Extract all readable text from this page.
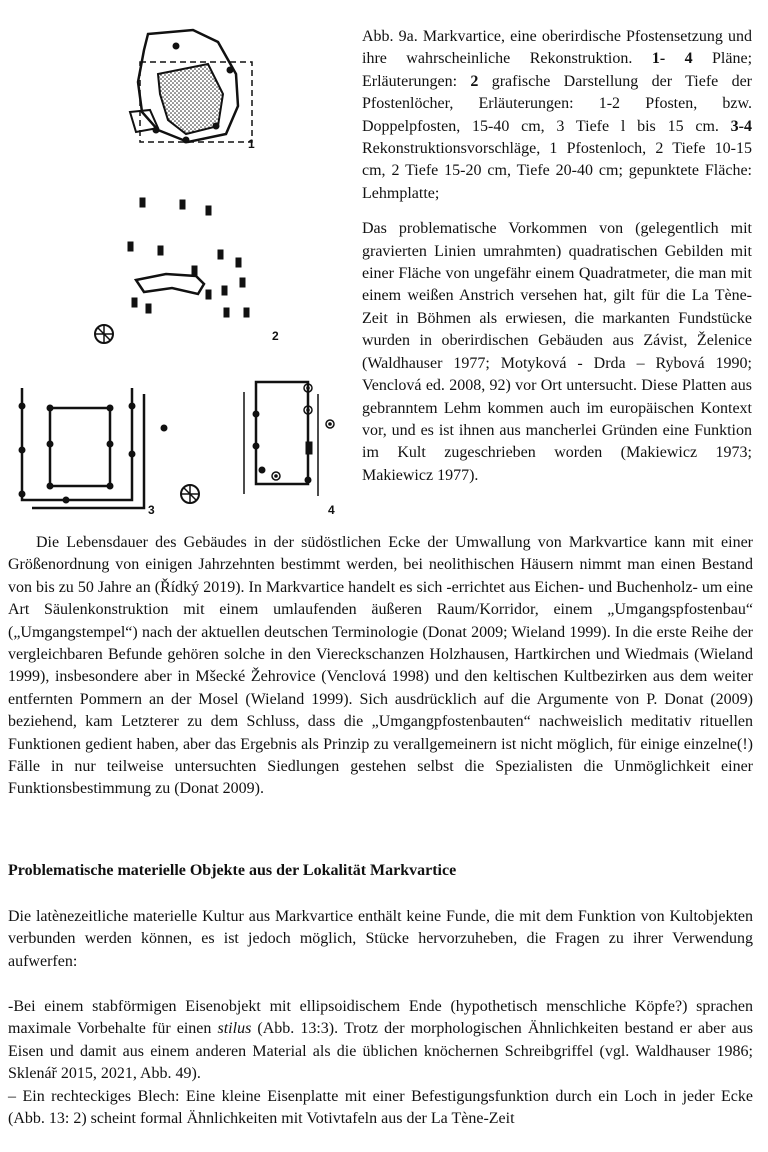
1
2
3	4

Abb. 9a. Markvartice, eine oberirdische Pfostensetzung und ihre wahrscheinliche Rekonstruktion. 1- 4 Pläne; Erläuterungen: 2 grafische Darstellung der Tiefe der Pfostenlöcher, Erläuterungen: 1-2 Pfosten, bzw. Doppelpfosten, 15-40 cm, 3 Tiefe l bis 15 cm. 3-4 Rekonstruktionsvorschläge, 1 Pfostenloch, 2 Tiefe 10-15 cm, 2 Tiefe 15-20 cm, Tiefe 20-40 cm; gepunktete Fläche: Lehmplatte;

Das problematische Vorkommen von (gelegentlich mit gravierten Linien umrahmten) quadratischen Gebilden mit einer Fläche von ungefähr einem Quadratmeter, die man mit einem weißen Anstrich versehen hat, gilt für die La Tène-Zeit in Böhmen als erwiesen, die markanten Fundstücke wurden in oberirdischen Gebäuden aus Závist, Želenice (Waldhauser 1977; Motyková - Drda – Rybová 1990; Venclová ed. 2008, 92) vor Ort untersucht. Diese Platten aus gebranntem Lehm kommen auch im europäischen Kontext vor, und es ist ihnen aus mancherlei Gründen eine Funktion im Kult zugeschrieben worden (Makiewicz 1973; Makiewicz 1977).

Die Lebensdauer des Gebäudes in der südöstlichen Ecke der Umwallung von Markvartice kann mit einer Größenordnung von einigen Jahrzehnten bestimmt werden, bei neolithischen Häusern nimmt man einen Bestand von bis zu 50 Jahre an (Řídký 2019). In Markvartice handelt es sich -errichtet aus Eichen- und Buchenholz- um eine Art Säulenkonstruktion mit einem umlaufenden äußeren Raum/Korridor, einem „Umgangspfostenbau“ („Umgangstempel“) nach der aktuellen deutschen Terminologie (Donat 2009; Wieland 1999). In die erste Reihe der vergleichbaren Befunde gehören solche in den Viereckschanzen Holzhausen, Hartkirchen und Wiedmais (Wieland 1999), insbesondere aber in Mšecké Žehrovice (Venclová 1998) und den keltischen Kultbezirken aus dem weiter entfernten Pommern an der Mosel (Wieland 1999). Sich ausdrücklich auf die Argumente von P. Donat (2009) beziehend, kam Letzterer zu dem Schluss, dass die „Umgangpfostenbauten“ nachweislich meditativ rituellen Funktionen gedient haben, aber das Ergebnis als Prinzip zu verallgemeinern ist nicht möglich, für einige einzelne(!) Fälle in nur teilweise untersuchten Siedlungen gestehen selbst die Spezialisten die Unmöglichkeit einer Funktionsbestimmung zu (Donat 2009).

Problematische materielle Objekte aus der Lokalität Markvartice

Die latènezeitliche materielle Kultur aus Markvartice enthält keine Funde, die mit dem Funktion von Kultobjekten verbunden werden können, es ist jedoch möglich, Stücke hervorzuheben, die Fragen zu ihrer Verwendung aufwerfen:

-Bei einem stabförmigen Eisenobjekt mit ellipsoidischem Ende (hypothetisch menschliche Köpfe?) sprachen maximale Vorbehalte für einen stilus (Abb. 13:3). Trotz der morphologischen Ähnlichkeiten bestand er aber aus Eisen und damit aus einem anderen Material als die üblichen knöchernen Schreibgriffel (vgl. Waldhauser 1986; Sklenář 2015, 2021, Abb. 49).

– Ein rechteckiges Blech: Eine kleine Eisenplatte mit einer Befestigungsfunktion durch ein Loch in jeder Ecke (Abb. 13: 2) scheint formal Ähnlichkeiten mit Votivtafeln aus der La Tène-Zeit
